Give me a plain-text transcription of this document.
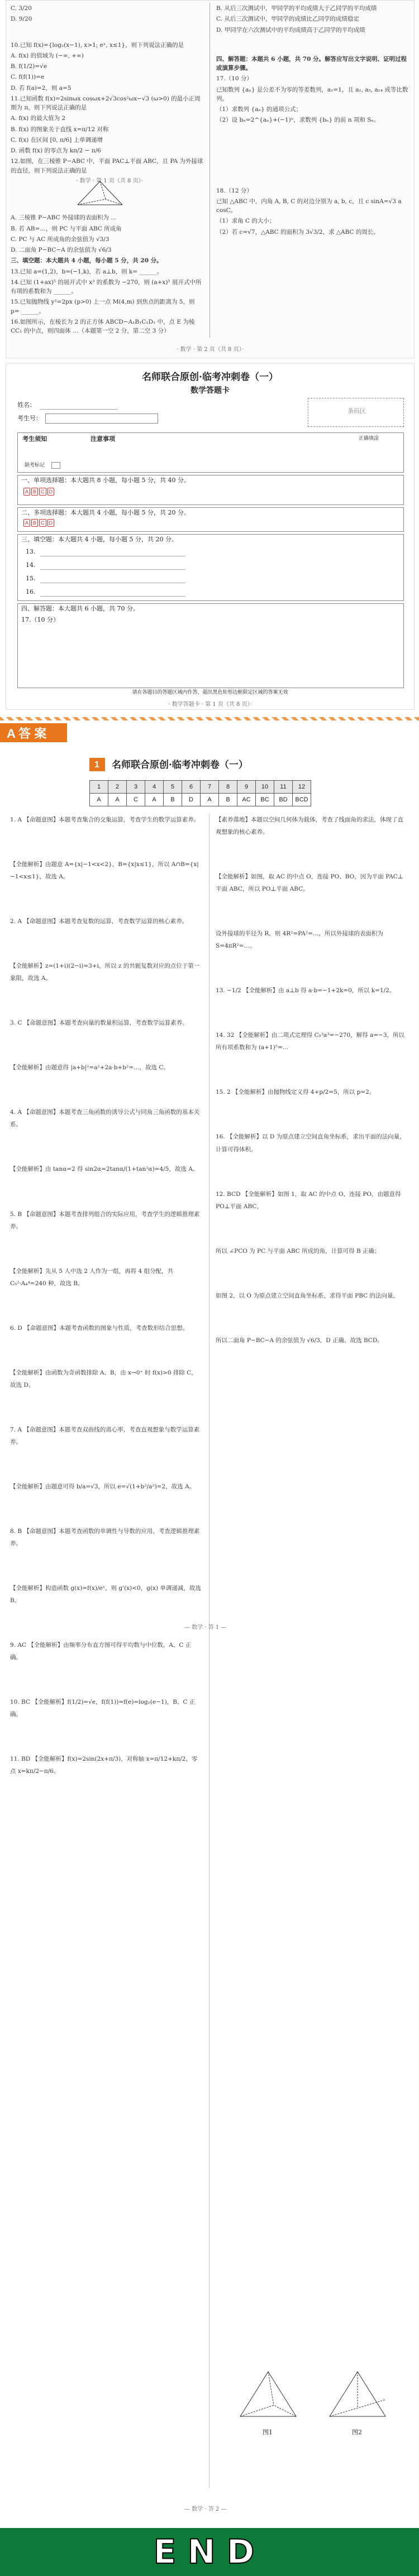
C. 3/20

D. 9/20

10.已知 f(x)={log₂(x−1), x>1; eˣ, x≤1}，则下列说法正确的是

A. f(x) 的值域为 (−∞, +∞)

B. f(1/2)=√e

C. f(f(1))=e

D. 若 f(a)=2，则 a=5

11.已知函数 f(x)=2sinωx cosωx+2√3cos²ωx−√3 (ω>0) 的最小正周期为 π，则下列说法正确的是

A. f(x) 的最大值为 2

B. f(x) 的图象关于直线 x=π/12 对称

C. f(x) 在区间 [0, π/6] 上单调递增

D. 函数 f(x) 的零点为 kπ/2 − π/6

12.如图，在三棱锥 P−ABC 中，平面 PAC⊥平面 ABC，且 PA 为外接球的直径，则下列说法正确的是

A. 三棱锥 P−ABC 外接球的表面积为 …

B. 若 AB=…，则 PC 与平面 ABC 所成角

C. PC 与 AC 所成角的余弦值为 √3/3

D. 二面角 P−BC−A 的余弦值为 √6/3

三、填空题：本大题共 4 小题，每小题 5 分，共 20 分。

13.已知 a=(1,2)，b=(−1,k)，若 a⊥b，则 k= ______。

14.已知 (1+ax)⁵ 的展开式中 x³ 的系数为 −270，则 (a+x)⁵ 展开式中所有项的系数和为 ______。

15.已知抛物线 y²=2px (p>0) 上一点 M(4,m) 到焦点的距离为 5，则 p= ______。

16.如图所示，在棱长为 2 的正方体 ABCD−A₁B₁C₁D₁ 中，点 E 为棱 CC₁ 的中点，则四面体 …（本题第一空 2 分，第二空 3 分）

B. 从后三次测试中，甲同学的平均成绩大于乙同学的平均成绩

C. 从后三次测试中，甲同学的成绩比乙同学的成绩稳定

D. 甲同学在六次测试中的平均成绩高于乙同学的平均成绩

四、解答题：本题共 6 小题，共 70 分。解答应写出文字说明、证明过程或演算步骤。

17.（10 分）

已知数列 {aₙ} 是公差不为零的等差数列，a₁=1，且 a₂, a₅, a₁₄ 成等比数列。

（1）求数列 {aₙ} 的通项公式；

（2）设 bₙ=2^{aₙ}+(−1)ⁿ，求数列 {bₙ} 的前 n 项和 Sₙ。

18.（12 分）

已知 △ABC 中，内角 A, B, C 的对边分别为 a, b, c，且 c sinA=√3 a cosC。

（1）求角 C 的大小；

（2）若 c=√7，△ABC 的面积为 3√3/2，求 △ABC 的周长。

· 数学 · 第 1 页（共 8 页）·
· 数学 · 第 2 页（共 8 页）·
名师联合原创·临考冲刺卷（一）
数学答题卡
姓名：
考生号：
条码区
考生须知	注意事项	正确填涂
缺考标记
一、单项选择题：本大题共 8 小题，每小题 5 分，共 40 分。
A B C D
二、多项选择题：本大题共 4 小题，每小题 5 分，共 20 分。
A B C D
三、填空题：本大题共 4 小题，每小题 5 分，共 20 分。
13.
14.
15.
16.
四、解答题：本大题共 6 小题，共 70 分。
17.（10 分）
请在各题目的答题区域内作答，超出黑色矩形边框限定区域的答案无效
· 数学答题卡 · 第 1 页（共 8 页）·
A 答 案
1 名师联合原创·临考冲刺卷（一）
1	2	3	4	5	6	7	8	9	10	11	12
A	A	C	A	B	D	A	B	AC	BC	BD	BCD

1. A 【命题意图】本题考查集合的交集运算，考查学生的数学运算素养。

【全能解析】由题意 A={x|−1<x<2}，B={x|x≤1}，所以 A∩B={x|−1<x≤1}，故选 A。

2. A 【命题意图】本题考查复数的运算，考查数学运算的核心素养。

【全能解析】z=(1+i)(2−i)=3+i，所以 z 的共轭复数对应的点位于第一象限，故选 A。

3. C 【命题意图】本题考查向量的数量积运算，考查数学运算素养。

【全能解析】由题意得 |a+b|²=a²+2a·b+b²=…，故选 C。

4. A 【命题意图】本题考查三角函数的诱导公式与同角三角函数的基本关系。

【全能解析】由 tanα=2 得 sin2α=2tanα/(1+tan²α)=4/5，故选 A。

5. B 【命题意图】本题考查排列组合的实际应用，考查学生的逻辑推理素养。

【全能解析】先从 5 人中选 2 人作为一组，再将 4 组分配，共 C₅²·A₄⁴=240 种，故选 B。

6. D 【命题意图】本题考查函数的图象与性质，考查数形结合思想。

【全能解析】由函数为奇函数排除 A、B，由 x→0⁺ 时 f(x)>0 排除 C，故选 D。

7. A 【命题意图】本题考查双曲线的离心率，考查直观想象与数学运算素养。

【全能解析】由题意可得 b/a=√3，所以 e=√(1+b²/a²)=2，故选 A。

8. B 【命题意图】本题考查函数的单调性与导数的应用，考查逻辑推理素养。

【全能解析】构造函数 g(x)=f(x)/eˣ，则 g'(x)<0，g(x) 单调递减，故选 B。

9. AC 【全能解析】由频率分布直方图可得平均数与中位数，A、C 正确。

10. BC 【全能解析】f(1/2)=√e，f(f(1))=f(e)=log₂(e−1)，B、C 正确。

11. BD 【全能解析】f(x)=2sin(2x+π/3)，对称轴 x=π/12+kπ/2，零点 x=kπ/2−π/6。

【素养落地】本题以空间几何体为载体，考查了线面角的求法，体现了直观想象的核心素养。

【全能解析】如图，取 AC 的中点 O，连接 PO、BO，因为平面 PAC⊥平面 ABC，所以 PO⊥平面 ABC。

设外接球的半径为 R，则 4R²=PA²=…，所以外接球的表面积为 S=4πR²=…。

13. −1/2 【全能解析】由 a⊥b 得 a·b=−1+2k=0，所以 k=1/2。

14. 32 【全能解析】由二项式定理得 C₅³a³=−270，解得 a=−3，所以所有项系数和为 (a+1)⁵=…

15. 2 【全能解析】由抛物线定义得 4+p/2=5，所以 p=2。

16. 【全能解析】以 D 为原点建立空间直角坐标系，求出平面的法向量，计算可得体积。

12. BCD 【全能解析】如图 1，取 AC 的中点 O，连接 PO，由题意得 PO⊥平面 ABC，

所以 ∠PCO 为 PC 与平面 ABC 所成的角，计算可得 B 正确；

如图 2，以 O 为原点建立空间直角坐标系，求得平面 PBC 的法向量，

所以二面角 P−BC−A 的余弦值为 √6/3，D 正确。故选 BCD。

图1	图2
— 数学 · 答 1 —
— 数学 · 答 2 —
END
